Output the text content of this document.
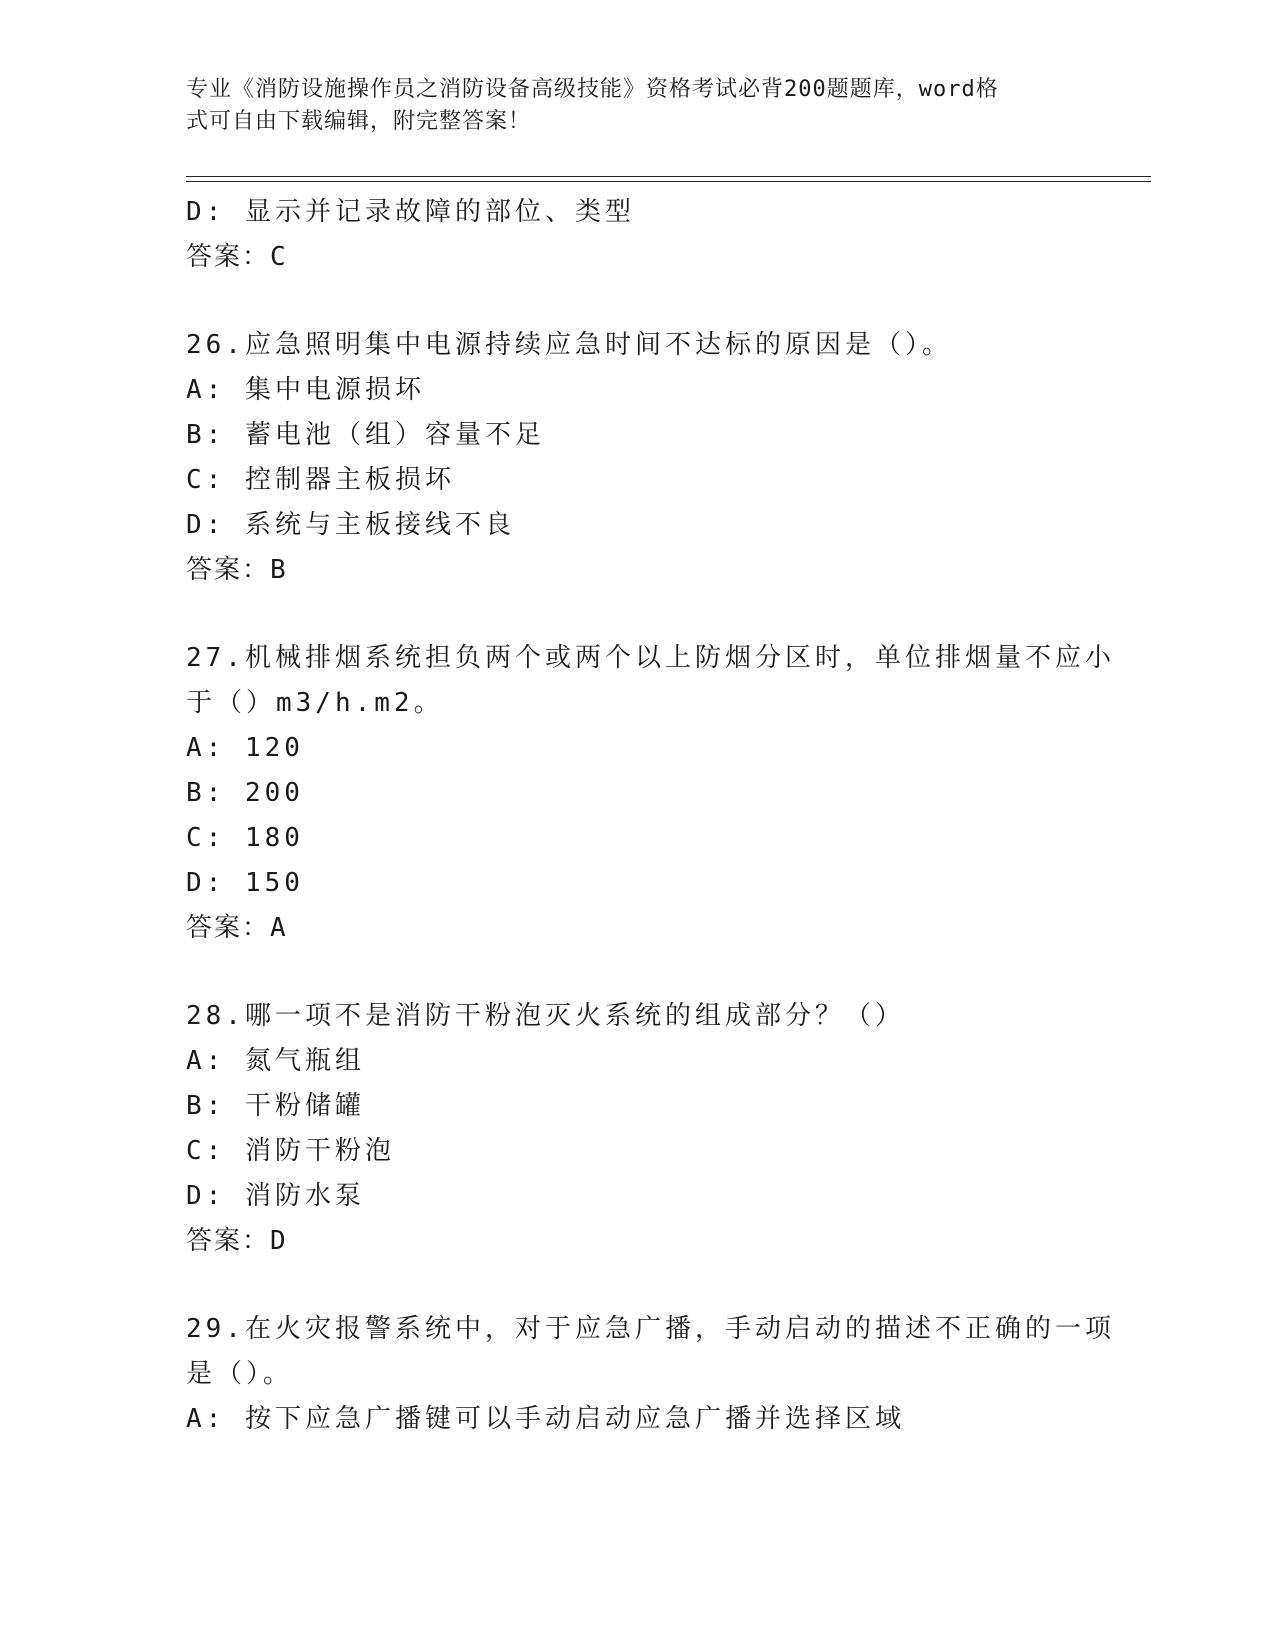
专业《消防设施操作员之消防设备高级技能》资格考试必背200题题库，word格
式可自由下载编辑，附完整答案！
D: 显示并记录故障的部位、类型
答案：C
26.应急照明集中电源持续应急时间不达标的原因是（）。
A: 集中电源损坏
B: 蓄电池（组）容量不足
C: 控制器主板损坏
D: 系统与主板接线不良
答案：B
27.机械排烟系统担负两个或两个以上防烟分区时，单位排烟量不应小于（）m3/h.m2。
A: 120
B: 200
C: 180
D: 150
答案：A
28.哪一项不是消防干粉泡灭火系统的组成部分？（）
A: 氮气瓶组
B: 干粉储罐
C: 消防干粉泡
D: 消防水泵
答案：D
29.在火灾报警系统中，对于应急广播，手动启动的描述不正确的一项是（）。
A: 按下应急广播键可以手动启动应急广播并选择区域
